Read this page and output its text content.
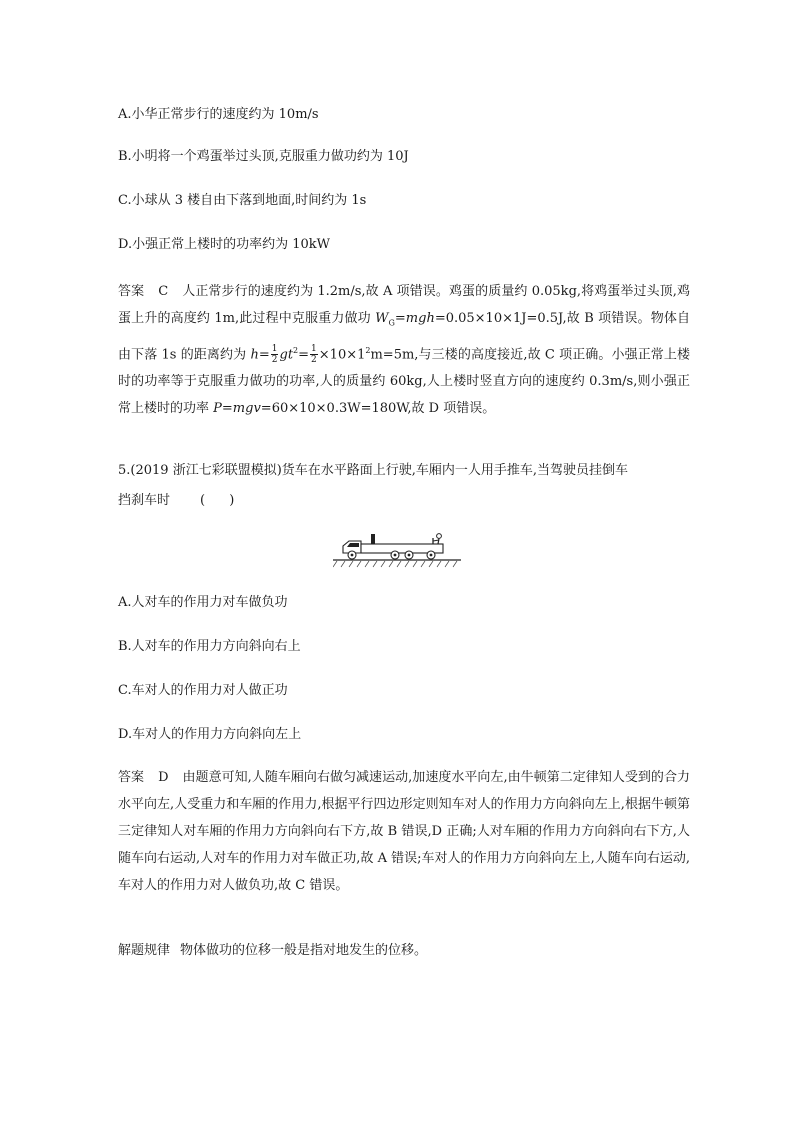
A.小华正常步行的速度约为 10m/s
B.小明将一个鸡蛋举过头顶,克服重力做功约为 10J
C.小球从 3 楼自由下落到地面,时间约为 1s
D.小强正常上楼时的功率约为 10kW
答案 C 人正常步行的速度约为 1.2m/s,故 A 项错误。鸡蛋的质量约 0.05kg,将鸡蛋举过头顶,鸡蛋上升的高度约 1m,此过程中克服重力做功 $W_G=mgh=0.05\times 10\times 1J=0.5J$,故 B 项错误。物体自由下落 1s 的距离约为 $h= \frac{1}{2} gt^2= \frac{1}{2} \times 10\times 1^2m=5m$,与三楼的高度接近,故 C 项正确。小强正常上楼时的功率等于克服重力做功的功率,人的质量约 60kg,人上楼时竖直方向的速度约 0.3m/s,则小强正常上楼时的功率 P=mgv=60×10×0.3W=180W,故 D 项错误。
5.(2019 浙江七彩联盟模拟)货车在水平路面上行驶,车厢内一人用手推车,当驾驶员挂倒车
挡刹车时 ( )
A.人对车的作用力对车做负功
B.人对车的作用力方向斜向右上
C.车对人的作用力对人做正功
D.车对人的作用力方向斜向左上
答案 D 由题意可知,人随车厢向右做匀减速运动,加速度水平向左,由牛顿第二定律知人受到的合力水平向左,人受重力和车厢的作用力,根据平行四边形定则知车对人的作用力方向斜向左上,根据牛顿第三定律知人对车厢的作用力方向斜向右下方,故 B 错误,D 正确;人对车厢的作用力方向斜向右下方,人随车向右运动,人对车的作用力对车做正功,故 A 错误;车对人的作用力方向斜向左上,人随车向右运动,车对人的作用力对人做负功,故 C 错误。
解题规律 物体做功的位移一般是指对地发生的位移。
